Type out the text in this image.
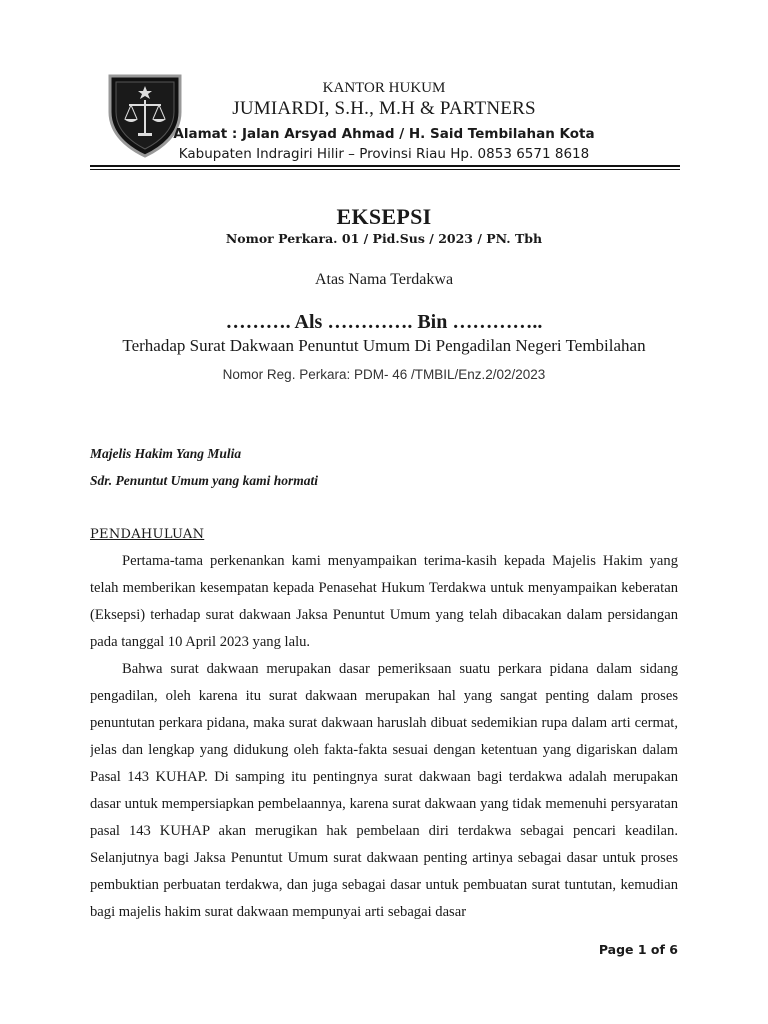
KANTOR HUKUM
JUMIARDI, S.H., M.H & PARTNERS
Alamat : Jalan Arsyad Ahmad / H. Said Tembilahan Kota
Kabupaten Indragiri Hilir – Provinsi Riau Hp. 0853 6571 8618
EKSEPSI
Nomor Perkara. 01 / Pid.Sus / 2023 / PN. Tbh
Atas Nama Terdakwa
………. Als …………. Bin …………..
Terhadap Surat Dakwaan Penuntut Umum Di Pengadilan Negeri Tembilahan
Nomor Reg. Perkara: PDM- 46 /TMBIL/Enz.2/02/2023
Majelis Hakim Yang Mulia
Sdr. Penuntut Umum yang kami hormati
PENDAHULUAN

Pertama-tama perkenankan kami menyampaikan terima-kasih kepada Majelis Hakim yang telah memberikan kesempatan kepada Penasehat Hukum Terdakwa untuk menyampaikan keberatan (Eksepsi) terhadap surat dakwaan Jaksa Penuntut Umum yang telah dibacakan dalam persidangan pada tanggal 10 April 2023 yang lalu.

Bahwa surat dakwaan merupakan dasar pemeriksaan suatu perkara pidana dalam sidang pengadilan, oleh karena itu surat dakwaan merupakan hal yang sangat penting dalam proses penuntutan perkara pidana, maka surat dakwaan haruslah dibuat sedemikian rupa dalam arti cermat, jelas dan lengkap yang didukung oleh fakta-fakta sesuai dengan ketentuan yang digariskan dalam Pasal 143 KUHAP. Di samping itu pentingnya surat dakwaan bagi terdakwa adalah merupakan dasar untuk mempersiapkan pembelaannya, karena surat dakwaan yang tidak memenuhi persyaratan pasal 143 KUHAP akan merugikan hak pembelaan diri terdakwa sebagai pencari keadilan. Selanjutnya bagi Jaksa Penuntut Umum surat dakwaan penting artinya sebagai dasar untuk proses pembuktian perbuatan terdakwa, dan juga sebagai dasar untuk pembuatan surat tuntutan, kemudian bagi majelis hakim surat dakwaan mempunyai arti sebagai dasar

Page 1 of 6
